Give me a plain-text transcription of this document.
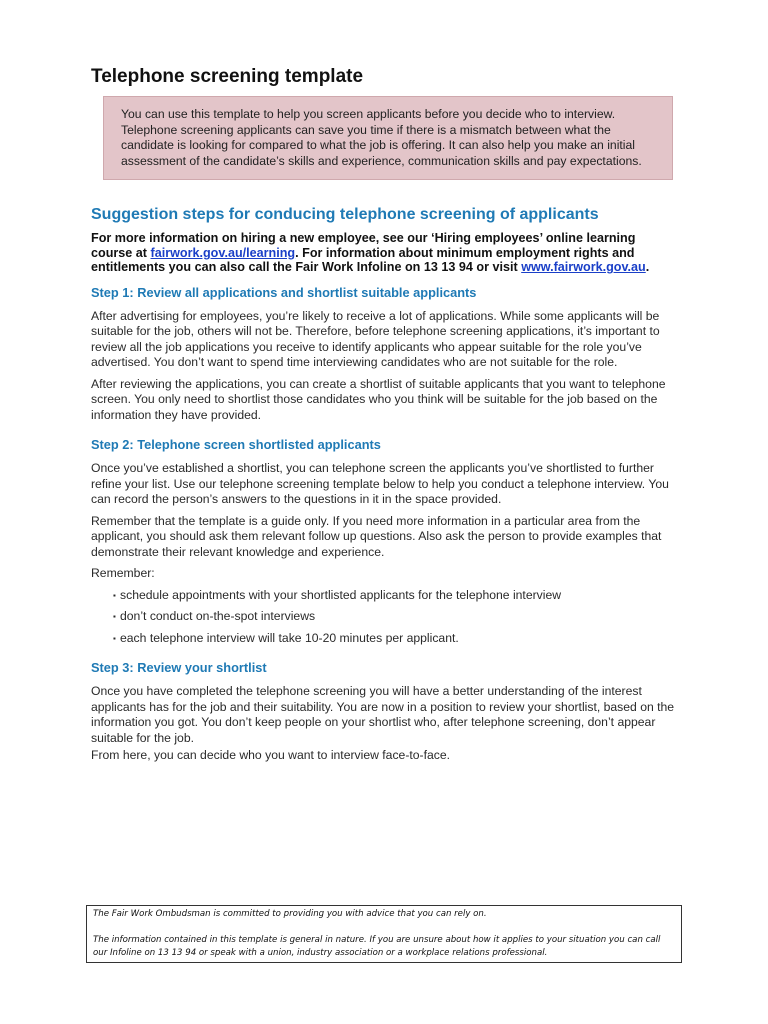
Telephone screening template
You can use this template to help you screen applicants before you decide who to interview. Telephone screening applicants can save you time if there is a mismatch between what the candidate is looking for compared to what the job is offering. It can also help you make an initial assessment of the candidate’s skills and experience, communication skills and pay expectations.
Suggestion steps for conducing telephone screening of applicants

For more information on hiring a new employee, see our ‘Hiring employees’ online learning course at fairwork.gov.au/learning. For information about minimum employment rights and entitlements you can also call the Fair Work Infoline on 13 13 94 or visit www.fairwork.gov.au.

Step 1: Review all applications and shortlist suitable applicants

After advertising for employees, you’re likely to receive a lot of applications. While some applicants will be suitable for the job, others will not be. Therefore, before telephone screening applications, it’s important to review all the job applications you receive to identify applicants who appear suitable for the role you’ve advertised. You don’t want to spend time interviewing candidates who are not suitable for the role.

After reviewing the applications, you can create a shortlist of suitable applicants that you want to telephone screen. You only need to shortlist those candidates who you think will be suitable for the job based on the information they have provided.

Step 2: Telephone screen shortlisted applicants

Once you’ve established a shortlist, you can telephone screen the applicants you’ve shortlisted to further refine your list. Use our telephone screening template below to help you conduct a telephone interview. You can record the person’s answers to the questions in it in the space provided.

Remember that the template is a guide only. If you need more information in a particular area from the applicant, you should ask them relevant follow up questions. Also ask the person to provide examples that demonstrate their relevant knowledge and experience.

Remember:

▪ schedule appointments with your shortlisted applicants for the telephone interview
▪ don’t conduct on-the-spot interviews
▪ each telephone interview will take 10-20 minutes per applicant.
Step 3: Review your shortlist

Once you have completed the telephone screening you will have a better understanding of the interest applicants has for the job and their suitability. You are now in a position to review your shortlist, based on the information you got. You don’t keep people on your shortlist who, after telephone screening, don’t appear suitable for the job.

From here, you can decide who you want to interview face-to-face.

The Fair Work Ombudsman is committed to providing you with advice that you can rely on.

The information contained in this template is general in nature. If you are unsure about how it applies to your situation you can call our Infoline on 13 13 94 or speak with a union, industry association or a workplace relations professional.
